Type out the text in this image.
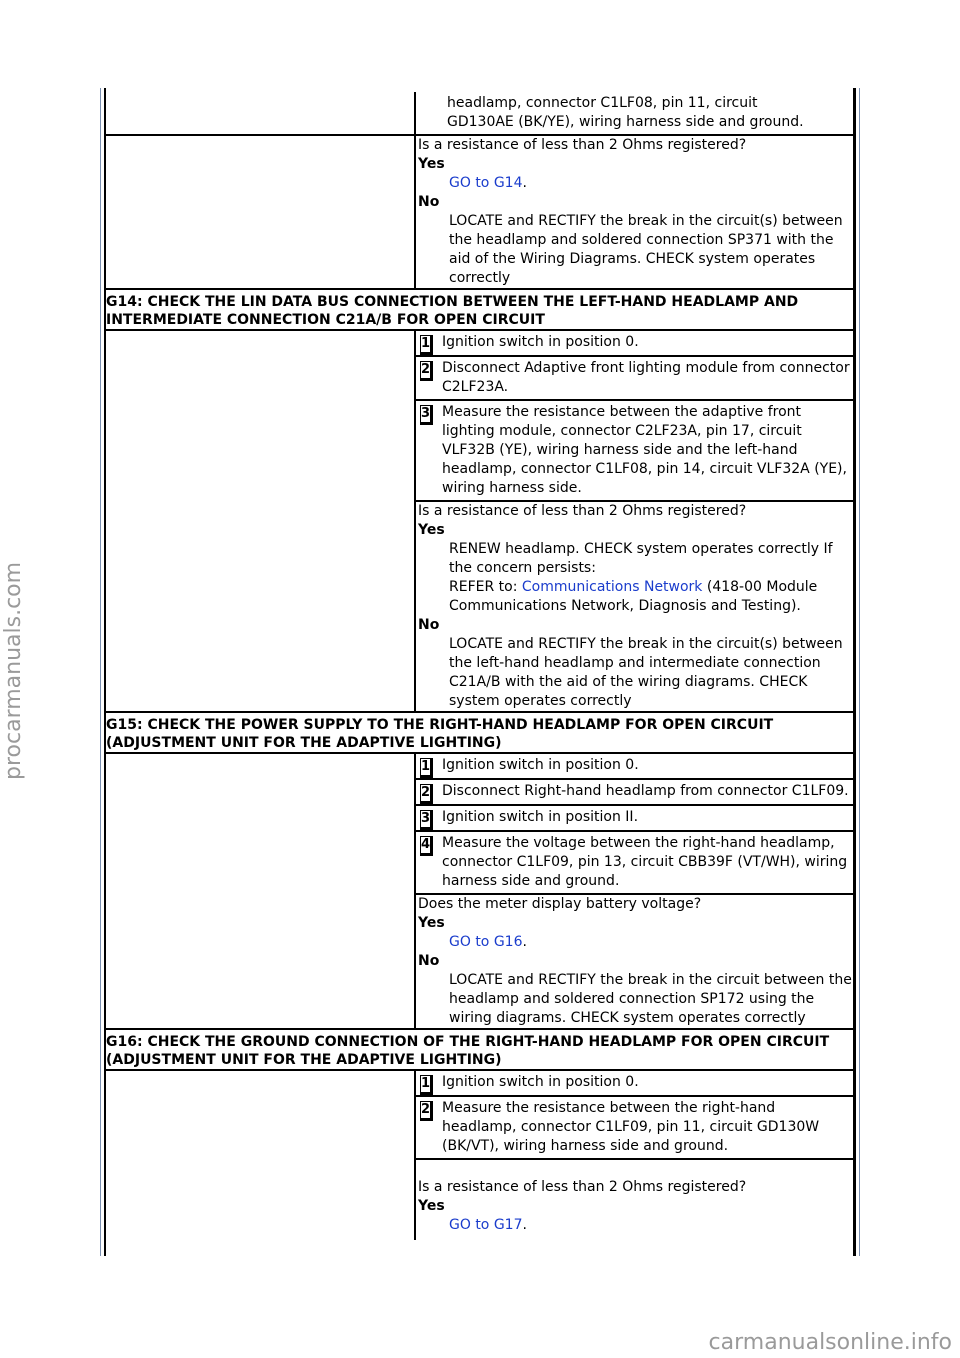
headlamp, connector C1LF08, pin 11, circuit
GD130AE (BK/YE), wiring harness side and ground.
Is a resistance of less than 2 Ohms registered?
Yes
GO to G14.
No
LOCATE and RECTIFY the break in the circuit(s) between the headlamp and soldered connection SP371 with the aid of the Wiring Diagrams. CHECK system operates correctly
G14: CHECK THE LIN DATA BUS CONNECTION BETWEEN THE LEFT-HAND HEADLAMP AND INTERMEDIATE CONNECTION C21A/B FOR OPEN CIRCUIT
1 Ignition switch in position 0.
2 Disconnect Adaptive front lighting module from connector C2LF23A.
3 Measure the resistance between the adaptive front lighting module, connector C2LF23A, pin 17, circuit VLF32B (YE), wiring harness side and the left-hand headlamp, connector C1LF08, pin 14, circuit VLF32A (YE), wiring harness side.
Is a resistance of less than 2 Ohms registered?
Yes
RENEW headlamp. CHECK system operates correctly If the concern persists:
REFER to: Communications Network (418-00 Module Communications Network, Diagnosis and Testing).
No
LOCATE and RECTIFY the break in the circuit(s) between the left-hand headlamp and intermediate connection C21A/B with the aid of the wiring diagrams. CHECK system operates correctly
G15: CHECK THE POWER SUPPLY TO THE RIGHT-HAND HEADLAMP FOR OPEN CIRCUIT (ADJUSTMENT UNIT FOR THE ADAPTIVE LIGHTING)
1 Ignition switch in position 0.
2 Disconnect Right-hand headlamp from connector C1LF09.
3 Ignition switch in position II.
4 Measure the voltage between the right-hand headlamp, connector C1LF09, pin 13, circuit CBB39F (VT/WH), wiring harness side and ground.
Does the meter display battery voltage?
Yes
GO to G16.
No
LOCATE and RECTIFY the break in the circuit between the headlamp and soldered connection SP172 using the wiring diagrams. CHECK system operates correctly
G16: CHECK THE GROUND CONNECTION OF THE RIGHT-HAND HEADLAMP FOR OPEN CIRCUIT (ADJUSTMENT UNIT FOR THE ADAPTIVE LIGHTING)
1 Ignition switch in position 0.
2 Measure the resistance between the right-hand headlamp, connector C1LF09, pin 11, circuit GD130W (BK/VT), wiring harness side and ground.
Is a resistance of less than 2 Ohms registered?
Yes
GO to G17.
procarmanuals.com
carmanualsonline.info
